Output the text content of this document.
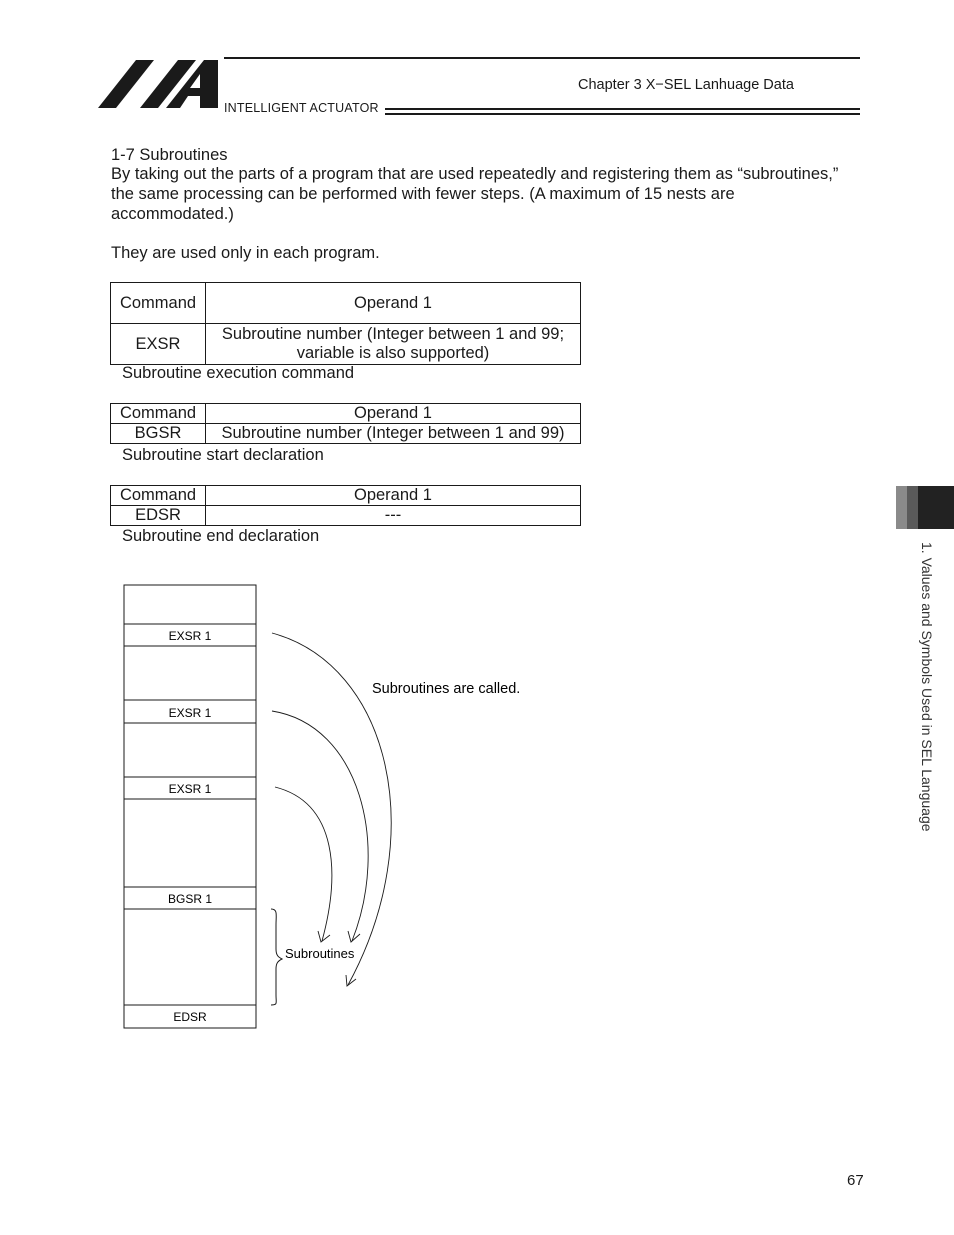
INTELLIGENT ACTUATOR
Chapter 3 X−SEL Lanhuage Data
1-7 Subroutines
By taking out the parts of a program that are used repeatedly and registering them as “subroutines,” the same processing can be performed with fewer steps. (A maximum of 15 nests are accommodated.)
They are used only in each program.
Command	Operand 1
EXSR	Subroutine number (Integer between 1 and 99; variable is also supported)
Subroutine execution command
Command	Operand 1
BGSR	Subroutine number (Integer between 1 and 99)
Subroutine start declaration
Command	Operand 1
EDSR	---
Subroutine end declaration
EXSR 1
EXSR 1
EXSR 1
BGSR 1
EDSR
Subroutines are called.
Subroutines
1. Values and Symbols Used in SEL Language
67
